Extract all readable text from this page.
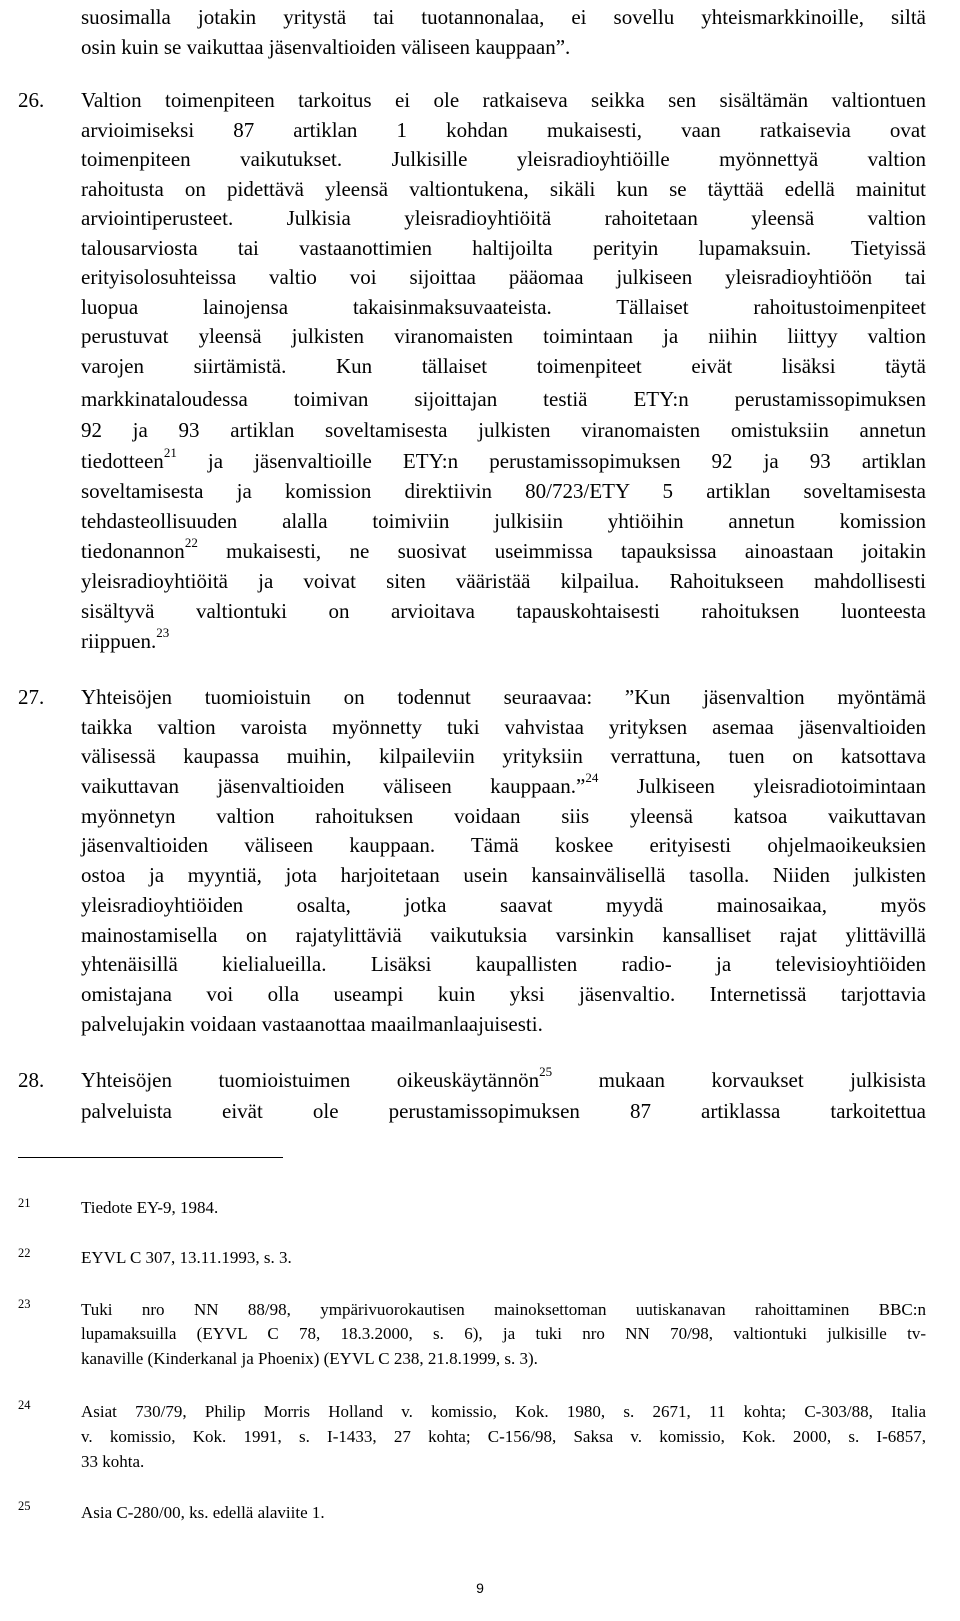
suosimalla jotakin yritystä tai tuotannonalaa, ei sovellu yhteismarkkinoille, siltä
osin kuin se vaikuttaa jäsenvaltioiden väliseen kauppaan”.
26. Valtion toimenpiteen tarkoitus ei ole ratkaiseva seikka sen sisältämän valtiontuen
arvioimiseksi 87 artiklan 1 kohdan mukaisesti, vaan ratkaisevia ovat
toimenpiteen vaikutukset. Julkisille yleisradioyhtiöille myönnettyä valtion
rahoitusta on pidettävä yleensä valtiontukena, sikäli kun se täyttää edellä mainitut
arviointiperusteet. Julkisia yleisradioyhtiöitä rahoitetaan yleensä valtion
talousarviosta tai vastaanottimien haltijoilta perityin lupamaksuin. Tietyissä
erityisolosuhteissa valtio voi sijoittaa pääomaa julkiseen yleisradioyhtiöön tai
luopua lainojensa takaisinmaksuvaateista. Tällaiset rahoitustoimenpiteet
perustuvat yleensä julkisten viranomaisten toimintaan ja niihin liittyy valtion
varojen siirtämistä. Kun tällaiset toimenpiteet eivät lisäksi täytä
markkinataloudessa toimivan sijoittajan testiä ETY:n perustamissopimuksen
92 ja 93 artiklan soveltamisesta julkisten viranomaisten omistuksiin annetun
tiedotteen$^{21}$ ja jäsenvaltioille ETY:n perustamissopimuksen 92 ja 93 artiklan
soveltamisesta ja komission direktiivin 80/723/ETY 5 artiklan soveltamisesta
tehdasteollisuuden alalla toimiviin julkisiin yhtiöihin annetun komission
tiedonannon$^{22}$ mukaisesti, ne suosivat useimmissa tapauksissa ainoastaan joitakin
yleisradioyhtiöitä ja voivat siten vääristää kilpailua. Rahoitukseen mahdollisesti
sisältyvä valtiontuki on arvioitava tapauskohtaisesti rahoituksen luonteesta
riippuen.$^{23}$
27. Yhteisöjen tuomioistuin on todennut seuraavaa: ”Kun jäsenvaltion myöntämä
taikka valtion varoista myönnetty tuki vahvistaa yrityksen asemaa jäsenvaltioiden
välisessä kaupassa muihin, kilpaileviin yrityksiin verrattuna, tuen on katsottava
vaikuttavan jäsenvaltioiden väliseen kauppaan.”$^{24}$ Julkiseen yleisradiotoimintaan
myönnetyn valtion rahoituksen voidaan siis yleensä katsoa vaikuttavan
jäsenvaltioiden väliseen kauppaan. Tämä koskee erityisesti ohjelmaoikeuksien
ostoa ja myyntiä, jota harjoitetaan usein kansainvälisellä tasolla. Niiden julkisten
yleisradioyhtiöiden osalta, jotka saavat myydä mainosaikaa, myös
mainostamisella on rajatylittäviä vaikutuksia varsinkin kansalliset rajat ylittävillä
yhtenäisillä kielialueilla. Lisäksi kaupallisten radio- ja televisioyhtiöiden
omistajana voi olla useampi kuin yksi jäsenvaltio. Internetissä tarjottavia
palvelujakin voidaan vastaanottaa maailmanlaajuisesti.
28. Yhteisöjen tuomioistuimen oikeuskäytännön$^{25}$ mukaan korvaukset julkisista
palveluista eivät ole perustamissopimuksen 87 artiklassa tarkoitettua
21	Tiedote EY-9, 1984.
22	EYVL C 307, 13.11.1993, s. 3.
23	Tuki nro NN 88/98, ympärivuorokautisen mainoksettoman uutiskanavan rahoittaminen BBC:n
lupamaksuilla (EYVL C 78, 18.3.2000, s. 6), ja tuki nro NN 70/98, valtiontuki julkisille tv-
kanaville (Kinderkanal ja Phoenix) (EYVL C 238, 21.8.1999, s. 3).
24	Asiat 730/79, Philip Morris Holland v. komissio, Kok. 1980, s. 2671, 11 kohta; C-303/88, Italia
v. komissio, Kok. 1991, s. I-1433, 27 kohta; C-156/98, Saksa v. komissio, Kok. 2000, s. I-6857,
33 kohta.
25	Asia C-280/00, ks. edellä alaviite 1.
9
